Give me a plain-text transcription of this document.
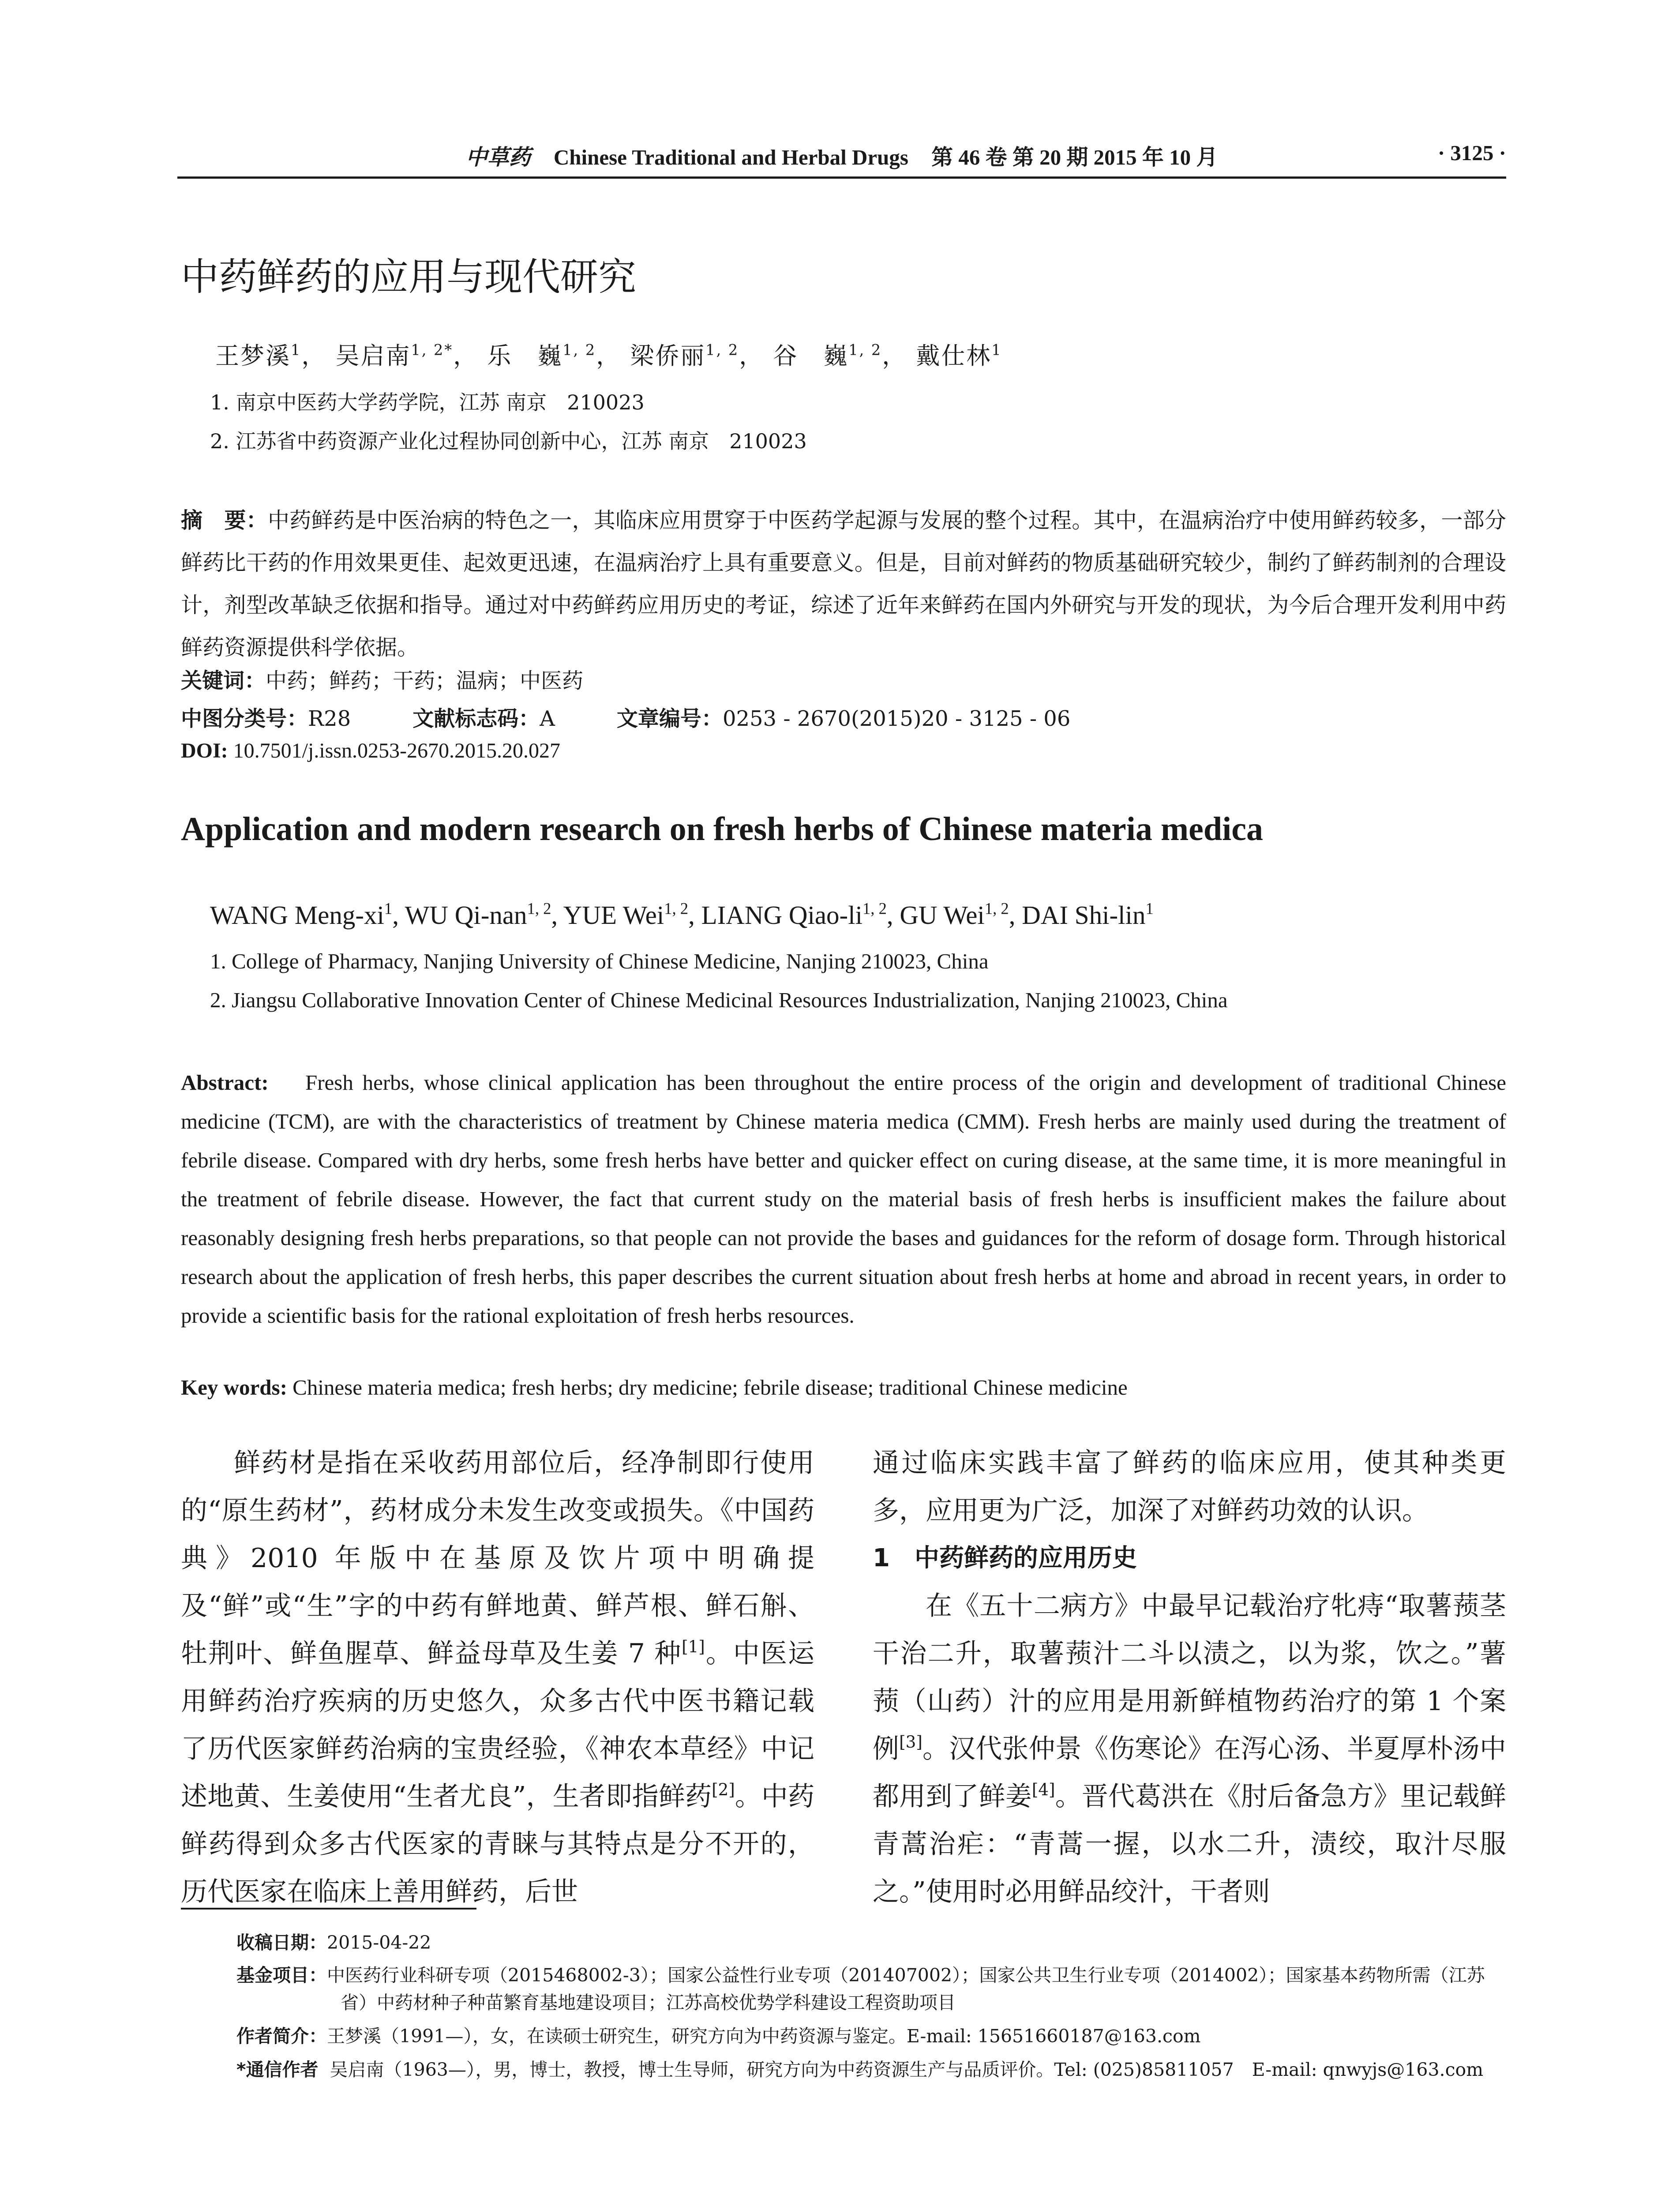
中草药 Chinese Traditional and Herbal Drugs 第 46 卷 第 20 期 2015 年 10 月	· 3125 ·
中药鲜药的应用与现代研究
王梦溪$^1$， 吴启南$^{1, 2*}$， 乐　巍$^{1, 2}$， 梁侨丽$^{1, 2}$， 谷　巍$^{1, 2}$， 戴仕林$^1$
1. 南京中医药大学药学院，江苏 南京　210023
2. 江苏省中药资源产业化过程协同创新中心，江苏 南京　210023
摘　要：中药鲜药是中医治病的特色之一，其临床应用贯穿于中医药学起源与发展的整个过程。其中，在温病治疗中使用鲜药较多，一部分鲜药比干药的作用效果更佳、起效更迅速，在温病治疗上具有重要意义。但是，目前对鲜药的物质基础研究较少，制约了鲜药制剂的合理设计，剂型改革缺乏依据和指导。通过对中药鲜药应用历史的考证，综述了近年来鲜药在国内外研究与开发的现状，为今后合理开发利用中药鲜药资源提供科学依据。
关键词：中药；鲜药；干药；温病；中医药
中图分类号：R28	文献标志码：A	文章编号：0253 - 2670(2015)20 - 3125 - 06
DOI: 10.7501/j.issn.0253-2670.2015.20.027
Application and modern research on fresh herbs of Chinese materia medica
WANG Meng-$xi^1$, WU Qi-nan$^{1, 2}$, YUE Wei$^{1, 2}$, LIANG Qiao-li$^{1, 2}$, GU Wei$^{1, 2}$, DAI Shi-lin$^1$
1. College of Pharmacy, Nanjing University of Chinese Medicine, Nanjing 210023, China
2. Jiangsu Collaborative Innovation Center of Chinese Medicinal Resources Industrialization, Nanjing 210023, China
Abstract: Fresh herbs, whose clinical application has been throughout the entire process of the origin and development of traditional Chinese medicine (TCM), are with the characteristics of treatment by Chinese materia medica (CMM). Fresh herbs are mainly used during the treatment of febrile disease. Compared with dry herbs, some fresh herbs have better and quicker effect on curing disease, at the same time, it is more meaningful in the treatment of febrile disease. However, the fact that current study on the material basis of fresh herbs is insufficient makes the failure about reasonably designing fresh herbs preparations, so that people can not provide the bases and guidances for the reform of dosage form. Through historical research about the application of fresh herbs, this paper describes the current situation about fresh herbs at home and abroad in recent years, in order to provide a scientific basis for the rational exploitation of fresh herbs resources.
Key words: Chinese materia medica; fresh herbs; dry medicine; febrile disease; traditional Chinese medicine

鲜药材是指在采收药用部位后，经净制即行使用的“原生药材”，药材成分未发生改变或损失。《中国药典》2010 年版中在基原及饮片项中明确提及“鲜”或“生”字的中药有鲜地黄、鲜芦根、鲜石斛、牡荆叶、鲜鱼腥草、鲜益母草及生姜 7 种[1]。中医运用鲜药治疗疾病的历史悠久，众多古代中医书籍记载了历代医家鲜药治病的宝贵经验，《神农本草经》中记述地黄、生姜使用“生者尤良”，生者即指鲜药[2]。中药鲜药得到众多古代医家的青睐与其特点是分不开的，历代医家在临床上善用鲜药，后世

通过临床实践丰富了鲜药的临床应用，使其种类更多，应用更为广泛，加深了对鲜药功效的认识。

1　中药鲜药的应用历史

在《五十二病方》中最早记载治疗牝痔“取薯蓣茎干治二升，取薯蓣汁二斗以渍之，以为浆，饮之。”薯蓣（山药）汁的应用是用新鲜植物药治疗的第 1 个案例[3]。汉代张仲景《伤寒论》在泻心汤、半夏厚朴汤中都用到了鲜姜[4]。晋代葛洪在《肘后备急方》里记载鲜青蒿治疟：“青蒿一握，以水二升，渍绞，取汁尽服之。”使用时必用鲜品绞汁，干者则

收稿日期：2015-04-22
基金项目：中医药行业科研专项（2015468002-3）；国家公益性行业专项（201407002）；国家公共卫生行业专项（2014002）；国家基本药物所需（江苏省）中药材种子种苗繁育基地建设项目；江苏高校优势学科建设工程资助项目
作者简介：王梦溪（1991—），女，在读硕士研究生，研究方向为中药资源与鉴定。E-mail: 15651660187@163.com
*通信作者 吴启南（1963—），男，博士，教授，博士生导师，研究方向为中药资源生产与品质评价。Tel: (025)85811057　E-mail: qnwyjs@163.com
